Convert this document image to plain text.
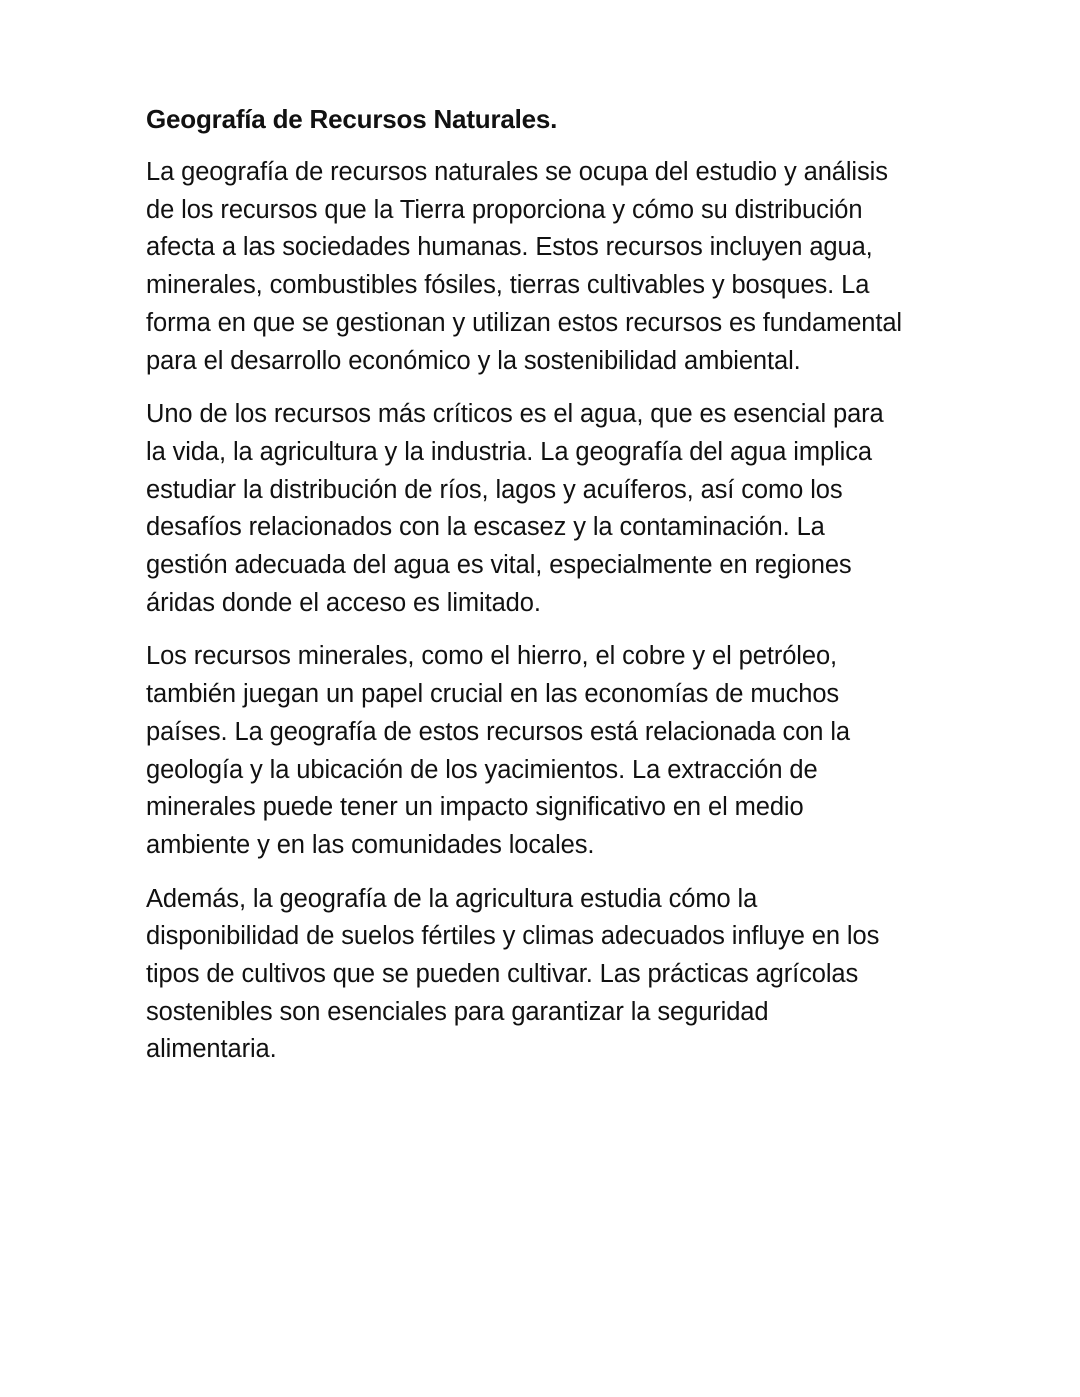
Geografía de Recursos Naturales.

La geografía de recursos naturales se ocupa del estudio y análisis de los recursos que la Tierra proporciona y cómo su distribución afecta a las sociedades humanas. Estos recursos incluyen agua, minerales, combustibles fósiles, tierras cultivables y bosques. La forma en que se gestionan y utilizan estos recursos es fundamental para el desarrollo económico y la sostenibilidad ambiental.

Uno de los recursos más críticos es el agua, que es esencial para la vida, la agricultura y la industria. La geografía del agua implica estudiar la distribución de ríos, lagos y acuíferos, así como los desafíos relacionados con la escasez y la contaminación. La gestión adecuada del agua es vital, especialmente en regiones áridas donde el acceso es limitado.

Los recursos minerales, como el hierro, el cobre y el petróleo, también juegan un papel crucial en las economías de muchos países. La geografía de estos recursos está relacionada con la geología y la ubicación de los yacimientos. La extracción de minerales puede tener un impacto significativo en el medio ambiente y en las comunidades locales.

Además, la geografía de la agricultura estudia cómo la disponibilidad de suelos fértiles y climas adecuados influye en los tipos de cultivos que se pueden cultivar. Las prácticas agrícolas sostenibles son esenciales para garantizar la seguridad alimentaria.
